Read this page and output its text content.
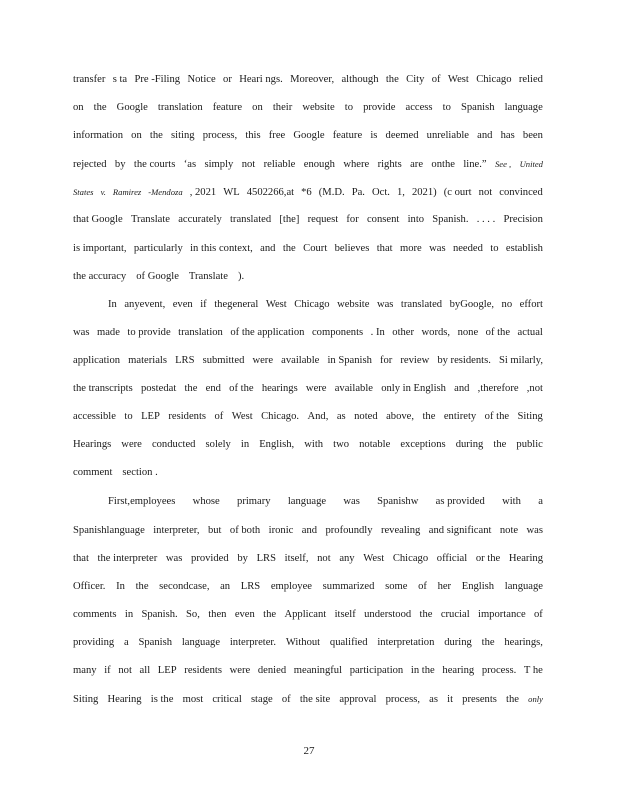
transfer s ta Pre -Filing Notice or Heari ngs. Moreover, although the City of West Chicago relied
on the Google translation feature on their website to provide access to Spanish language
information on the siting process, this free Google feature is deemed unreliable and has been
rejected by the courts ‘as simply not reliable enough where rights are onthe line.” See , United
States v. Ramirez -Mendoza , 2021 WL 4502266,at *6 (M.D. Pa. Oct. 1, 2021) (c ourt not convinced
that Google Translate accurately translated [the] request for consent into Spanish. . . . . Precision
is important, particularly in this context, and the Court believes that more was needed to establish
the accuracy of Google Translate ).
In anyevent, even if thegeneral West Chicago website was translated byGoogle, no effort
was made to provide translation of the application components . In other words, none of the actual
application materials LRS submitted were available in Spanish for review by residents. Si milarly,
the transcripts postedat the end of the hearings were available only in English and ,therefore ,not
accessible to LEP residents of West Chicago. And, as noted above, the entirety of the Siting
Hearings were conducted solely in English, with two notable exceptions during the public
comment section .
First,employees whose primary language was Spanishw as provided with a
Spanishlanguage interpreter, but of both ironic and profoundly revealing and significant note was
that the interpreter was provided by LRS itself, not any West Chicago official or the Hearing
Officer. In the secondcase, an LRS employee summarized some of her English language
comments in Spanish. So, then even the Applicant itself understood the crucial importance of
providing a Spanish language interpreter. Without qualified interpretation during the hearings,
many if not all LEP residents were denied meaningful participation in the hearing process. T he
Siting Hearing is the most critical stage of the site approval process, as it presents the only
27
